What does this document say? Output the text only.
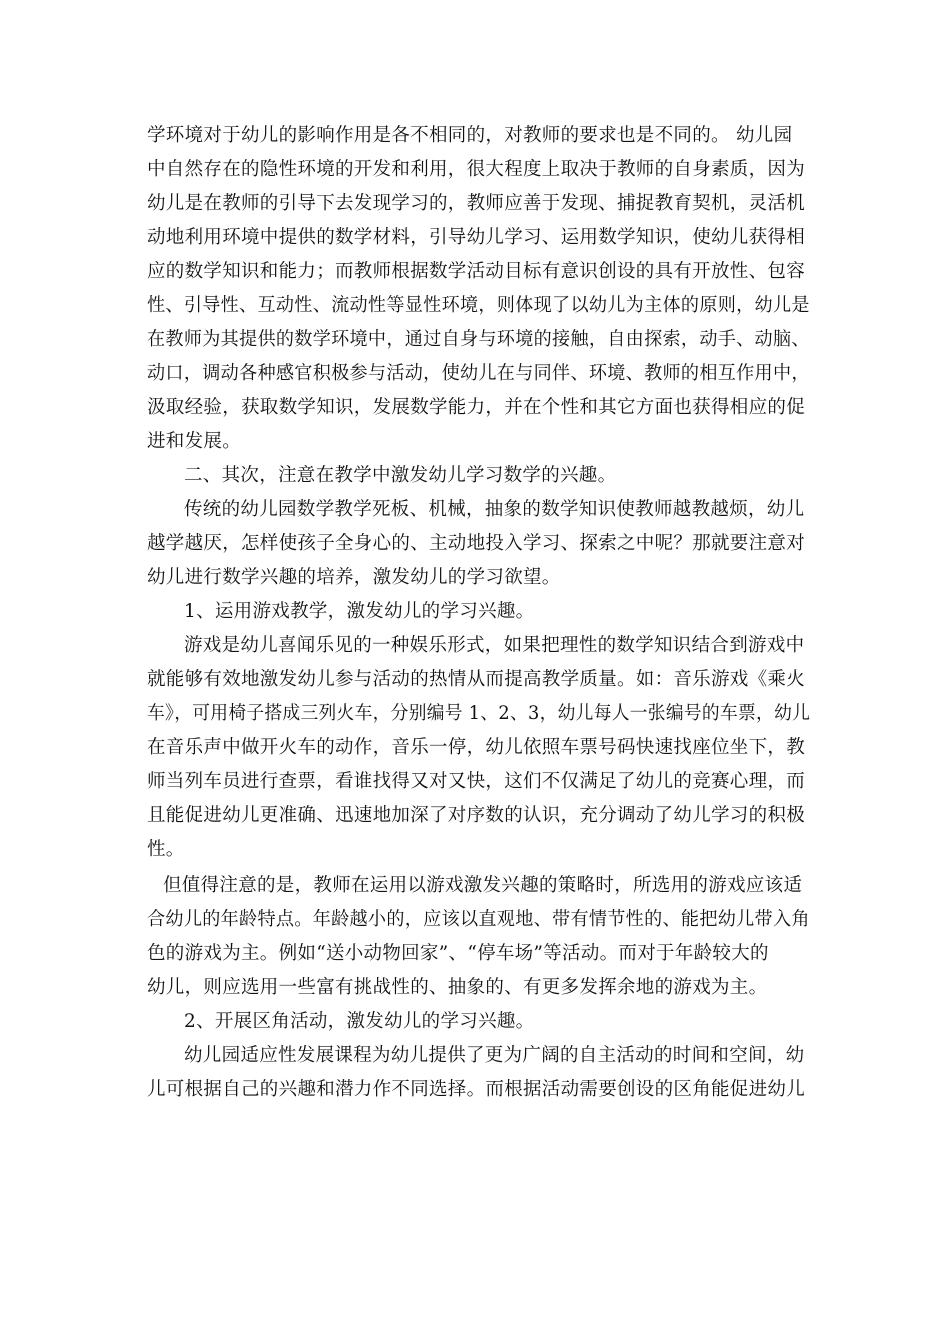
学环境对于幼儿的影响作用是各不相同的，对教师的要求也是不同的。 幼儿园
中自然存在的隐性环境的开发和利用，很大程度上取决于教师的自身素质，因为
幼儿是在教师的引导下去发现学习的，教师应善于发现、捕捉教育契机，灵活机
动地利用环境中提供的数学材料，引导幼儿学习、运用数学知识，使幼儿获得相
应的数学知识和能力；而教师根据数学活动目标有意识创设的具有开放性、包容
性、引导性、互动性、流动性等显性环境，则体现了以幼儿为主体的原则，幼儿是
在教师为其提供的数学环境中，通过自身与环境的接触，自由探索，动手、动脑、
动口，调动各种感官积极参与活动，使幼儿在与同伴、环境、教师的相互作用中，
汲取经验，获取数学知识，发展数学能力，并在个性和其它方面也获得相应的促
进和发展。
二、其次，注意在教学中激发幼儿学习数学的兴趣。
传统的幼儿园数学教学死板、机械，抽象的数学知识使教师越教越烦，幼儿
越学越厌，怎样使孩子全身心的、主动地投入学习、探索之中呢？那就要注意对
幼儿进行数学兴趣的培养，激发幼儿的学习欲望。
1、运用游戏教学，激发幼儿的学习兴趣。
游戏是幼儿喜闻乐见的一种娱乐形式，如果把理性的数学知识结合到游戏中
就能够有效地激发幼儿参与活动的热情从而提高教学质量。如：音乐游戏《乘火
车》，可用椅子搭成三列火车，分别编号 1、2、3，幼儿每人一张编号的车票，幼儿
在音乐声中做开火车的动作，音乐一停，幼儿依照车票号码快速找座位坐下，教
师当列车员进行查票，看谁找得又对又快，这们不仅满足了幼儿的竞赛心理，而
且能促进幼儿更准确、迅速地加深了对序数的认识，充分调动了幼儿学习的积极
性。
但值得注意的是，教师在运用以游戏激发兴趣的策略时，所选用的游戏应该适
合幼儿的年龄特点。年龄越小的，应该以直观地、带有情节性的、能把幼儿带入角
色的游戏为主。例如“送小动物回家”、“停车场”等活动。而对于年龄较大的
幼儿，则应选用一些富有挑战性的、抽象的、有更多发挥余地的游戏为主。
2、开展区角活动，激发幼儿的学习兴趣。
幼儿园适应性发展课程为幼儿提供了更为广阔的自主活动的时间和空间，幼
儿可根据自己的兴趣和潜力作不同选择。而根据活动需要创设的区角能促进幼儿
